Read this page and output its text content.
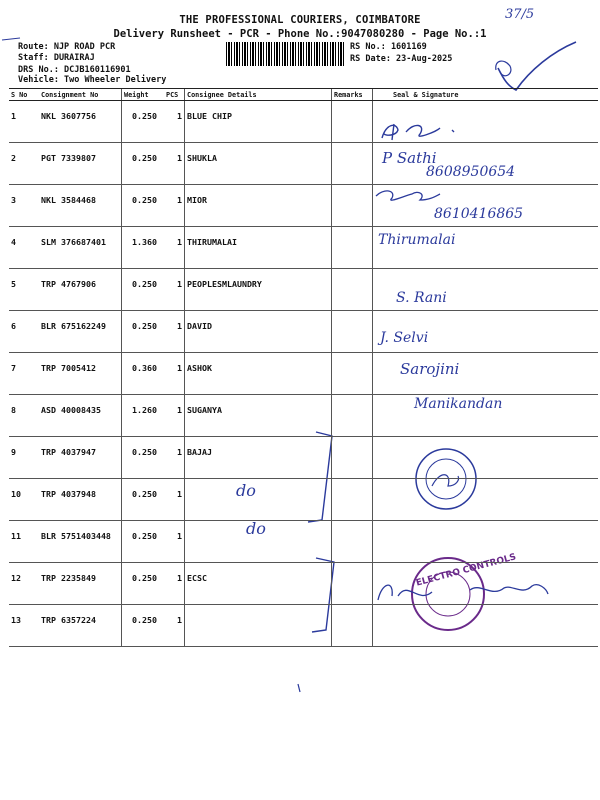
THE PROFESSIONAL COURIERS, COIMBATORE
Delivery Runsheet - PCR - Phone No.:9047080280 - Page No.:1
Route: NJP ROAD PCR
Staff: DURAIRAJ
DRS No.: DCJB160116901
Vehicle: Two Wheeler Delivery
RS No.: 1601169
RS Date: 23-Aug-2025
37/5
P Sathi
8608950654
8610416865
Thirumalai
S. Rani
J. Selvi
Sarojini
Manikandan
do
do
ELECTRO CONTROLS
S No	Consignment No	Weight	PCS	Consignee Details	Remarks	Seal & Signature
1	NKL 3607756	0.250	1	BLUE CHIP		
2	PGT 7339807	0.250	1	SHUKLA		
3	NKL 3584468	0.250	1	MIOR		
4	SLM 376687401	1.360	1	THIRUMALAI		
5	TRP 4767906	0.250	1	PEOPLESMLAUNDRY		
6	BLR 675162249	0.250	1	DAVID		
7	TRP 7005412	0.360	1	ASHOK		
8	ASD 40008435	1.260	1	SUGANYA		
9	TRP 4037947	0.250	1	BAJAJ		
10	TRP 4037948	0.250	1			
11	BLR 5751403448	0.250	1			
12	TRP 2235849	0.250	1	ECSC		
13	TRP 6357224	0.250	1			
